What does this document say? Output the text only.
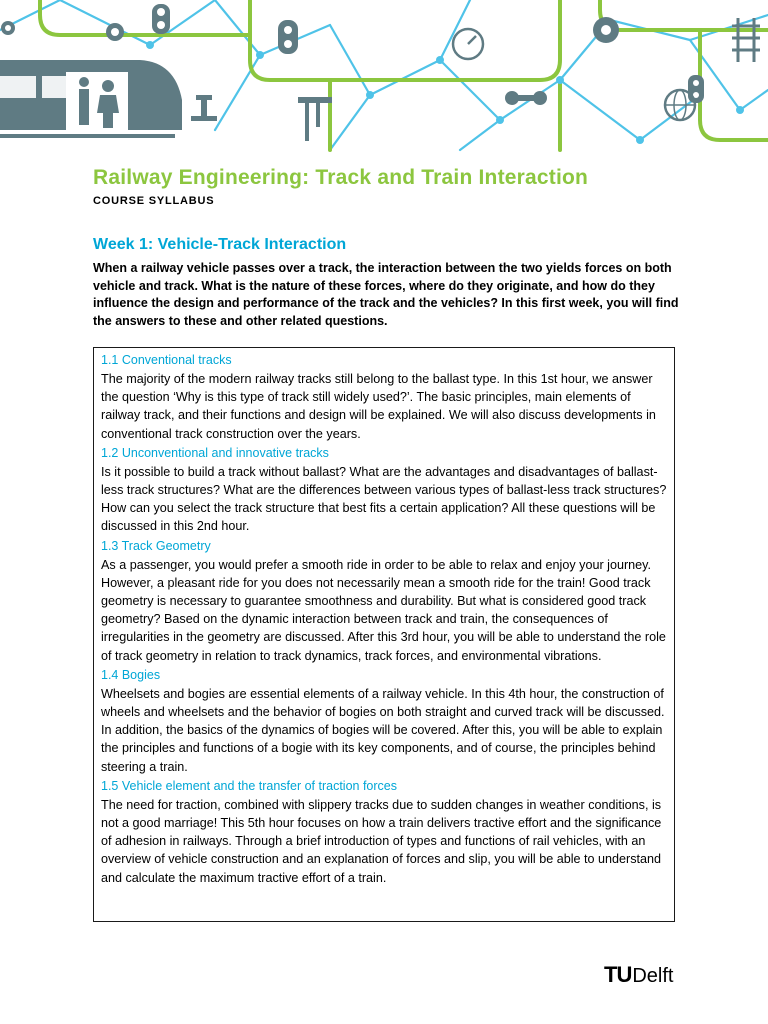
Railway Engineering: Track and Train Interaction
COURSE SYLLABUS
Week 1: Vehicle-Track Interaction
When a railway vehicle passes over a track, the interaction between the two yields forces on both vehicle and track. What is the nature of these forces, where do they originate, and how do they influence the design and performance of the track and the vehicles? In this first week, you will find the answers to these and other related questions.
1.1 Conventional tracks
The majority of the modern railway tracks still belong to the ballast type. In this 1st hour, we answer the question ‘Why is this type of track still widely used?’. The basic principles, main elements of railway track, and their functions and design will be explained. We will also discuss developments in conventional track construction over the years.
1.2 Unconventional and innovative tracks
Is it possible to build a track without ballast? What are the advantages and disadvantages of ballast-less track structures? What are the differences between various types of ballast-less track structures? How can you select the track structure that best fits a certain application? All these questions will be discussed in this 2nd hour.
1.3 Track Geometry
As a passenger, you would prefer a smooth ride in order to be able to relax and enjoy your journey. However, a pleasant ride for you does not necessarily mean a smooth ride for the train! Good track geometry is necessary to guarantee smoothness and durability. But what is considered good track geometry? Based on the dynamic interaction between track and train, the consequences of irregularities in the geometry are discussed. After this 3rd hour, you will be able to understand the role of track geometry in relation to track dynamics, track forces, and environmental vibrations.
1.4 Bogies
Wheelsets and bogies are essential elements of a railway vehicle. In this 4th hour, the construction of wheels and wheelsets and the behavior of bogies on both straight and curved track will be discussed. In addition, the basics of the dynamics of bogies will be covered. After this, you will be able to explain the principles and functions of a bogie with its key components, and of course, the principles behind steering a train.
1.5 Vehicle element and the transfer of traction forces
The need for traction, combined with slippery tracks due to sudden changes in weather conditions, is not a good marriage! This 5th hour focuses on how a train delivers tractive effort and the significance of adhesion in railways. Through a brief introduction of types and functions of rail vehicles, with an overview of vehicle construction and an explanation of forces and slip, you will be able to understand and calculate the maximum tractive effort of a train.
TU Delft
